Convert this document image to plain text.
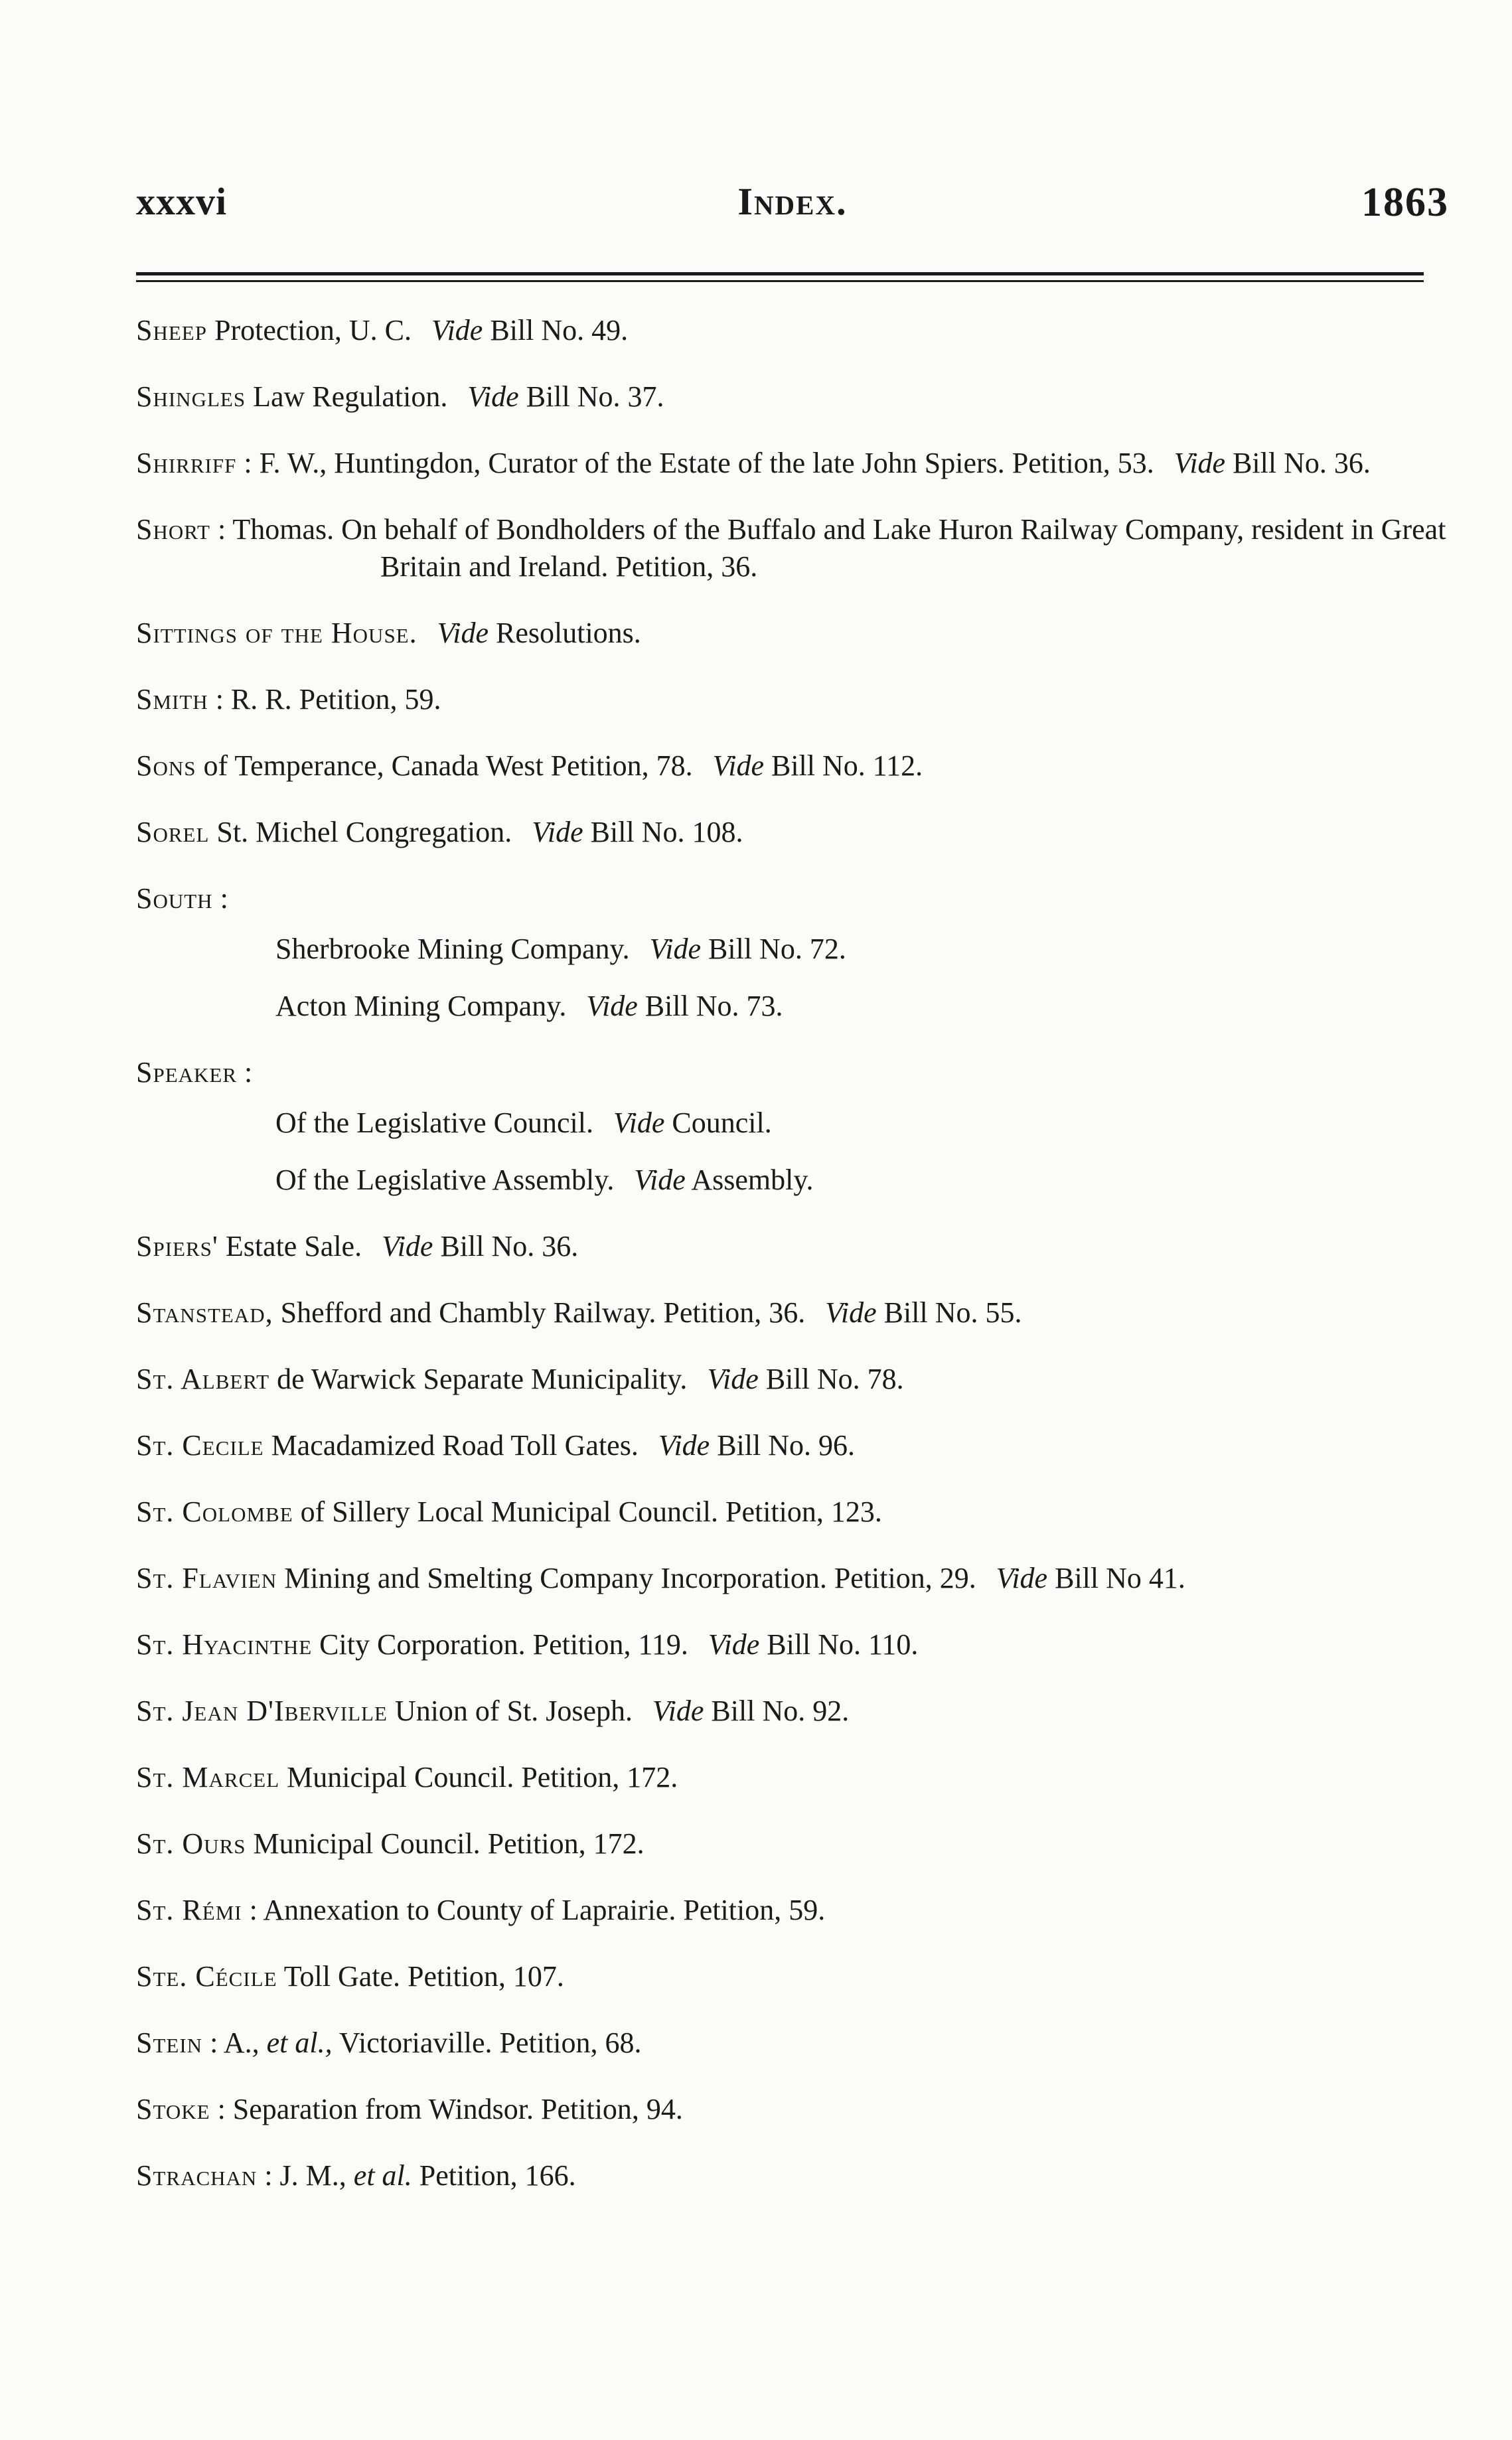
xxxvi	Index.	1863
Sheep Protection, U. C. Vide Bill No. 49.
Shingles Law Regulation. Vide Bill No. 37.
Shirriff : F. W., Huntingdon, Curator of the Estate of the late John Spiers. Petition, 53. Vide Bill No. 36.
Short : Thomas. On behalf of Bondholders of the Buffalo and Lake Huron Railway Company, resident in Great Britain and Ireland. Petition, 36.
Sittings of the House. Vide Resolutions.
Smith : R. R. Petition, 59.
Sons of Temperance, Canada West Petition, 78. Vide Bill No. 112.
Sorel St. Michel Congregation. Vide Bill No. 108.
South :
Sherbrooke Mining Company. Vide Bill No. 72.
Acton Mining Company. Vide Bill No. 73.
Speaker :
Of the Legislative Council. Vide Council.
Of the Legislative Assembly. Vide Assembly.
Spiers' Estate Sale. Vide Bill No. 36.
Stanstead, Shefford and Chambly Railway. Petition, 36. Vide Bill No. 55.
St. Albert de Warwick Separate Municipality. Vide Bill No. 78.
St. Cecile Macadamized Road Toll Gates. Vide Bill No. 96.
St. Colombe of Sillery Local Municipal Council. Petition, 123.
St. Flavien Mining and Smelting Company Incorporation. Petition, 29. Vide Bill No 41.
St. Hyacinthe City Corporation. Petition, 119. Vide Bill No. 110.
St. Jean D'Iberville Union of St. Joseph. Vide Bill No. 92.
St. Marcel Municipal Council. Petition, 172.
St. Ours Municipal Council. Petition, 172.
St. Rémi : Annexation to County of Laprairie. Petition, 59.
Ste. Cécile Toll Gate. Petition, 107.
Stein : A., et al., Victoriaville. Petition, 68.
Stoke : Separation from Windsor. Petition, 94.
Strachan : J. M., et al. Petition, 166.
